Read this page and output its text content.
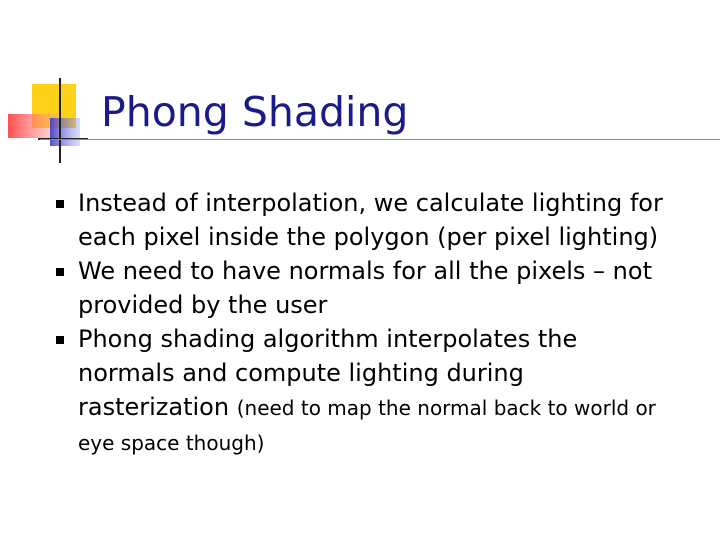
Phong Shading
Instead of interpolation, we calculate lighting for each pixel inside the polygon (per pixel lighting)
We need to have normals for all the pixels – not provided by the user
Phong shading algorithm interpolates the normals and compute lighting during rasterization (need to map the normal back to world or eye space though)
